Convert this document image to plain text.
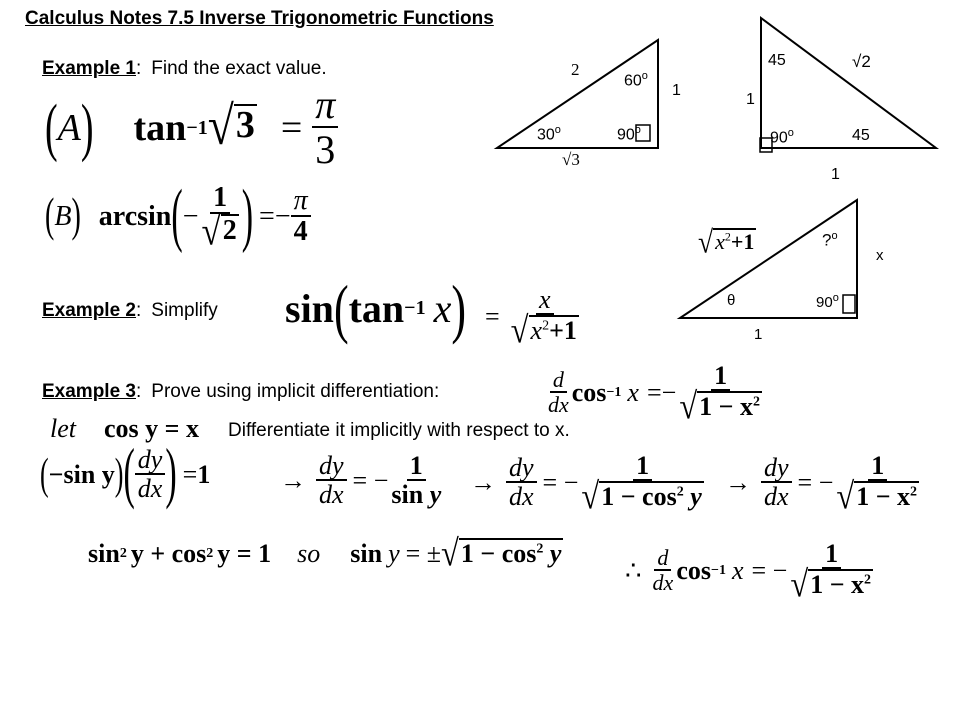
Calculus Notes 7.5 Inverse Trigonometric Functions
Example 1 : Find the exact value.
( A ) tan −1 √ $3 = \frac{\pi}{3}$
( B ) arcsin ( − $\frac{1}{√ 2}$ ) = − $\frac{\pi}{4}$
Example 2 : Simplify sin ( tan −1 x ) = $\frac{x}{√ x^2+1}$
Example 3 : Prove using implicit differentiation:	$\frac{d}{dx}$ cos −1 x = − $\frac{1}{√ 1 - x^2}$
let cos y = x Differentiate it implicitly with respect to x.
( −sin y ) ( $\frac{dy}{dx}$ ) = 1	→ $\frac{dy}{dx}$ = − $\frac{1}{\text{sin y}} \to \frac{dy}{dx}$ = − $\frac{1}{√ 1 - \cos^2 y} \to \frac{dy}{dx}$ = − $\frac{1}{√ 1 - x^2}$
sin 2 y + cos 2 y = 1 so sin y = ± √ $1 - \cos^2 y$
∴ $\frac{d}{dx}$ cos −1 x = − $\frac{1}{√ 1 - x^2}$
2
1
√3
60$^o$
30$^o$	90$^o$
45	√2
1
90$^o$	45
1
√ $x^2+1$	?$^o$
x
θ	90$^o$
1
